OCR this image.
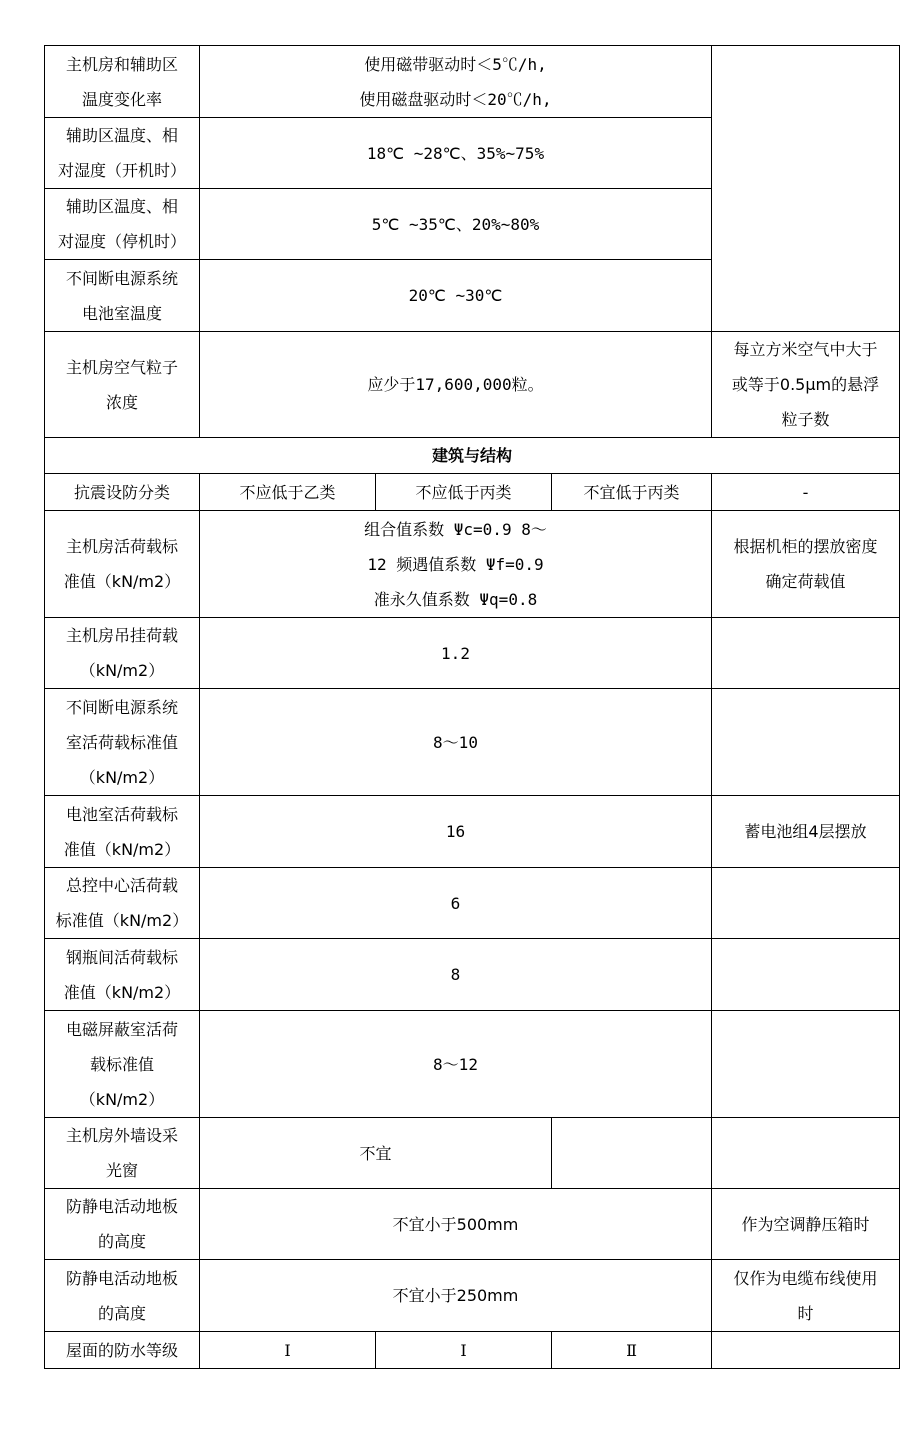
主机房和辅助区
温度变化率	使用磁带驱动时＜5℃/h,
使用磁盘驱动时＜20℃/h,			

辅助区温度、相
对湿度（开机时）	18℃ ~28℃、35%~75%			

辅助区温度、相
对湿度（停机时）	5℃ ~35℃、20%~80%			

不间断电源系统
电池室温度	20℃ ~30℃			

主机房空气粒子
浓度	应少于17,600,000粒。			每立方米空气中大于
或等于0.5μm的悬浮
粒子数

建筑与结构				
抗震设防分类	不应低于乙类	不应低于丙类	不宜低于丙类	-

主机房活荷载标
准值（kN/m2）	组合值系数 Ψc=0.9 8～
12 频遇值系数 Ψf=0.9
准永久值系数 Ψq=0.8			根据机柜的摆放密度
确定荷载值

主机房吊挂荷载
（kN/m2）	1.2			

不间断电源系统
室活荷载标准值
（kN/m2）	8～10			

电池室活荷载标
准值（kN/m2）	16			蓄电池组4层摆放

总控中心活荷载
标准值（kN/m2）	6			

钢瓶间活荷载标
准值（kN/m2）	8			

电磁屏蔽室活荷
载标准值
（kN/m2）	8～12			

主机房外墙设采
光窗	不宜			

防静电活动地板
的高度	不宜小于500mm			作为空调静压箱时

防静电活动地板
的高度	不宜小于250mm			仅作为电缆布线使用
时

屋面的防水等级	Ⅰ	Ⅰ	Ⅱ	
